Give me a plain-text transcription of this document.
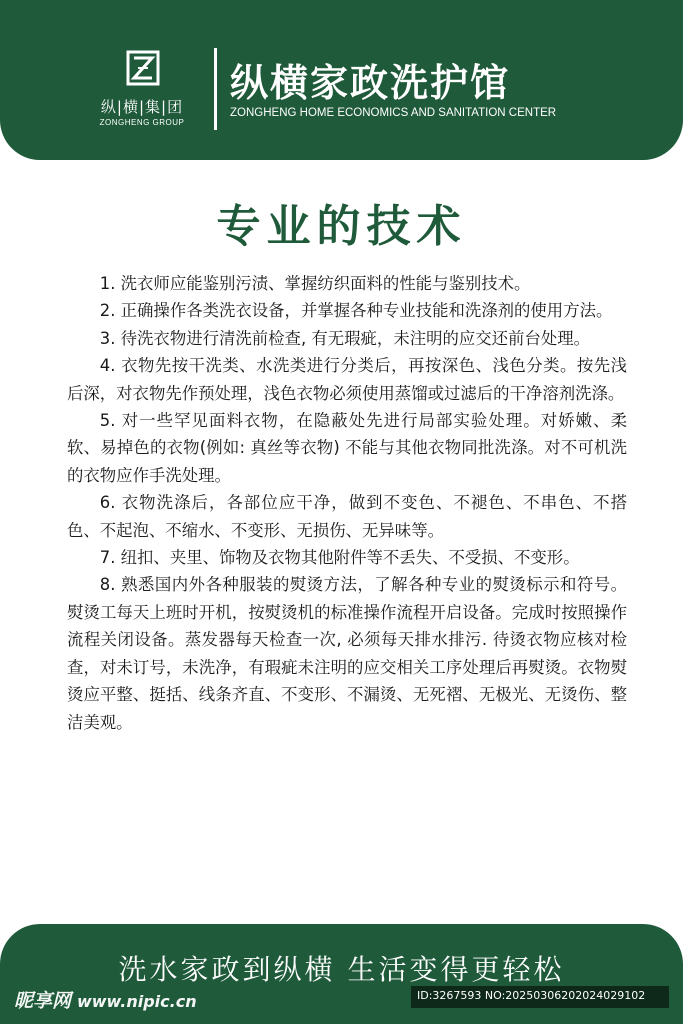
纵|横|集|团
ZONGHENG GROUP
纵横家政洗护馆
ZONGHENG HOME ECONOMICS AND SANITATION CENTER
专业的技术

1. 洗衣师应能鉴别污渍、掌握纺织面料的性能与鉴别技术。

2. 正确操作各类洗衣设备，并掌握各种专业技能和洗涤剂的使用方法。

3. 待洗衣物进行清洗前检查, 有无瑕疵，未注明的应交还前台处理。

4. 衣物先按干洗类、水洗类进行分类后，再按深色、浅色分类。按先浅后深，对衣物先作预处理，浅色衣物必须使用蒸馏或过滤后的干净溶剂洗涤。

5. 对一些罕见面料衣物，在隐蔽处先进行局部实验处理。对娇嫩、柔软、易掉色的衣物(例如: 真丝等衣物) 不能与其他衣物同批洗涤。对不可机洗的衣物应作手洗处理。

6. 衣物洗涤后，各部位应干净，做到不变色、不褪色、不串色、不搭色、不起泡、不缩水、不变形、无损伤、无异味等。

7. 纽扣、夹里、饰物及衣物其他附件等不丢失、不受损、不变形。

8. 熟悉国内外各种服装的熨烫方法，了解各种专业的熨烫标示和符号。熨烫工每天上班时开机，按熨烫机的标准操作流程开启设备。完成时按照操作流程关闭设备。蒸发器每天检查一次, 必须每天排水排污. 待烫衣物应核对检查，对未订号，未洗净，有瑕疵未注明的应交相关工序处理后再熨烫。衣物熨烫应平整、挺括、线条齐直、不变形、不漏烫、无死褶、无极光、无烫伤、整洁美观。

洗水家政到纵横 生活变得更轻松
昵享网 www.nipic.cn	ID:3267593 NO:20250306202024029102
